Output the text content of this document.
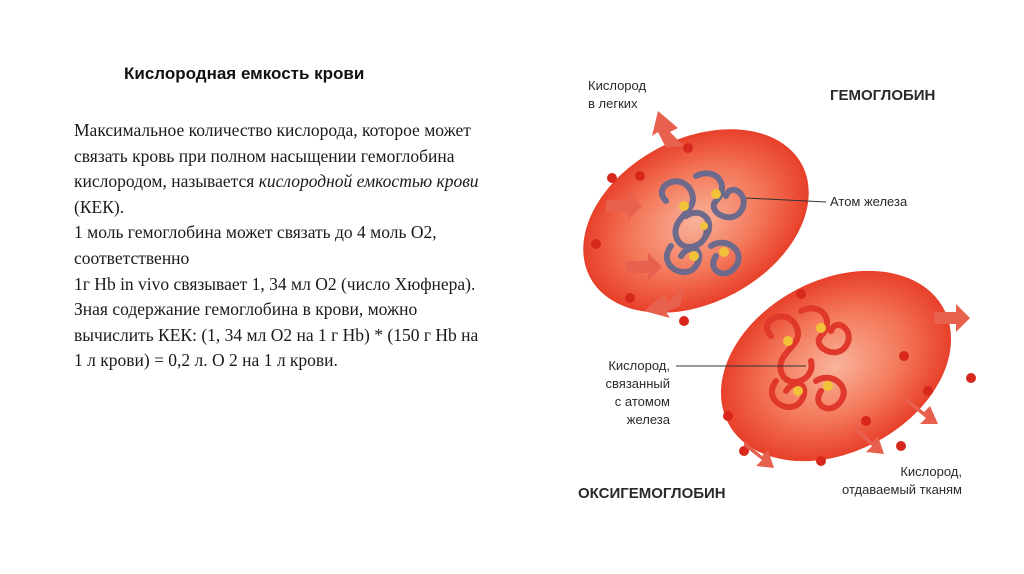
Кислородная емкость крови

Максимальное количество кислорода, которое может связать кровь при полном насыщении гемоглобина кислородом, называется кислородной емкостью крови (КЕК).

1 моль гемоглобина может связать до 4 моль О2, соответственно

1г Hb in vivo связывает 1, 34 мл О2 (число Хюфнера).

Зная содержание гемоглобина в крови, можно вычислить КЕК: (1, 34 мл О2 на 1 г Hb) * (150 г Hb на 1 л крови) = 0,2 л. О 2 на 1 л крови.

Кислород
в легких	ГЕМОГЛОБИН
Атом железа
Кислород,
связанный
с атомом
железа
ОКСИГЕМОГЛОБИН
Кислород,
отдаваемый тканям
